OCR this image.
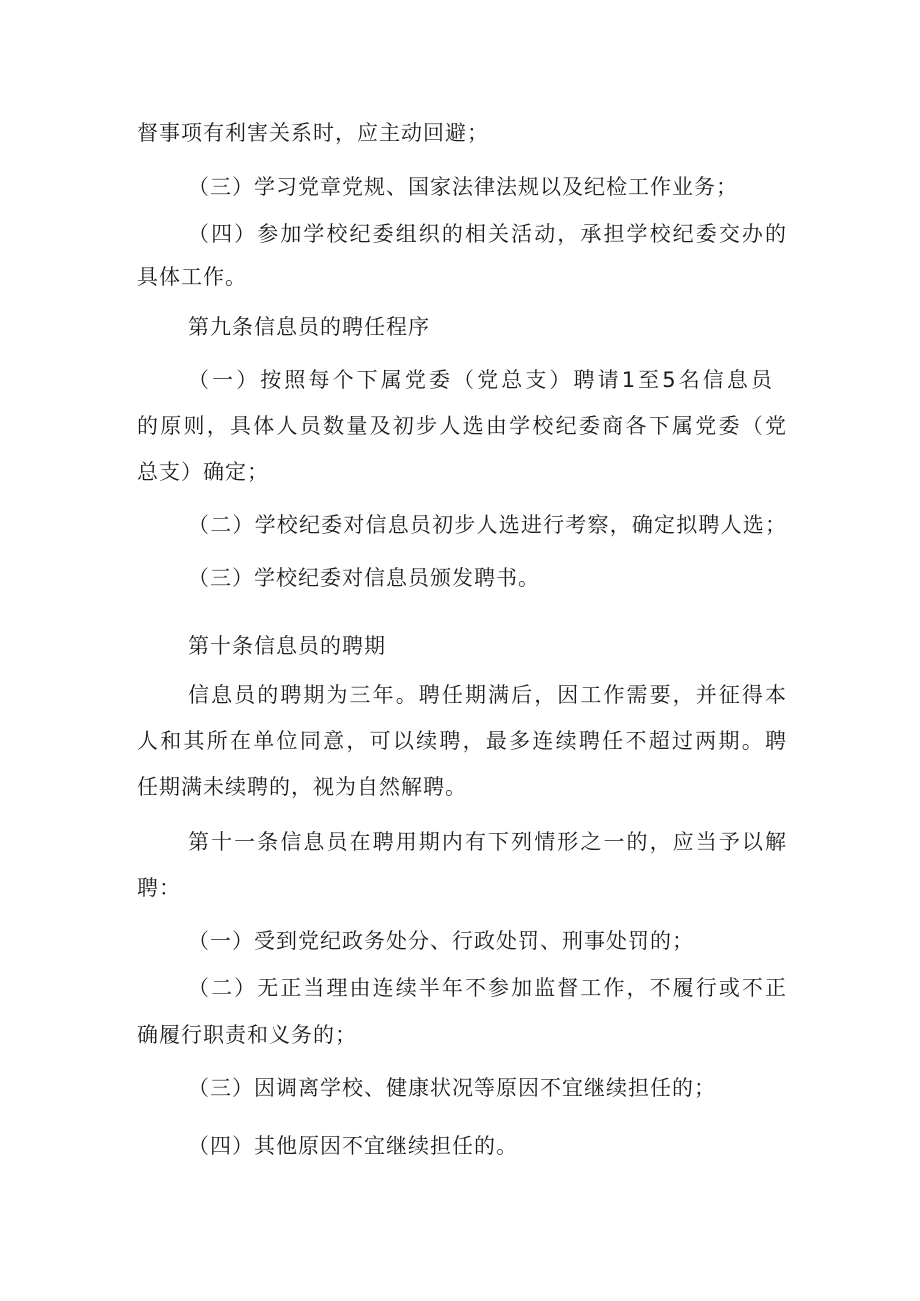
督事项有利害关系时，应主动回避；
（三）学习党章党规、国家法律法规以及纪检工作业务；
（四）参加学校纪委组织的相关活动，承担学校纪委交办的
具体工作。
第九条信息员的聘任程序
（一）按照每个下属党委（党总支）聘请1至5名信息员
的原则，具体人员数量及初步人选由学校纪委商各下属党委（党
总支）确定；
（二）学校纪委对信息员初步人选进行考察，确定拟聘人选；
（三）学校纪委对信息员颁发聘书。
第十条信息员的聘期
信息员的聘期为三年。聘任期满后，因工作需要，并征得本
人和其所在单位同意，可以续聘，最多连续聘任不超过两期。聘
任期满未续聘的，视为自然解聘。
第十一条信息员在聘用期内有下列情形之一的，应当予以解
聘：
（一）受到党纪政务处分、行政处罚、刑事处罚的；
（二）无正当理由连续半年不参加监督工作，不履行或不正
确履行职责和义务的；
（三）因调离学校、健康状况等原因不宜继续担任的；
（四）其他原因不宜继续担任的。
